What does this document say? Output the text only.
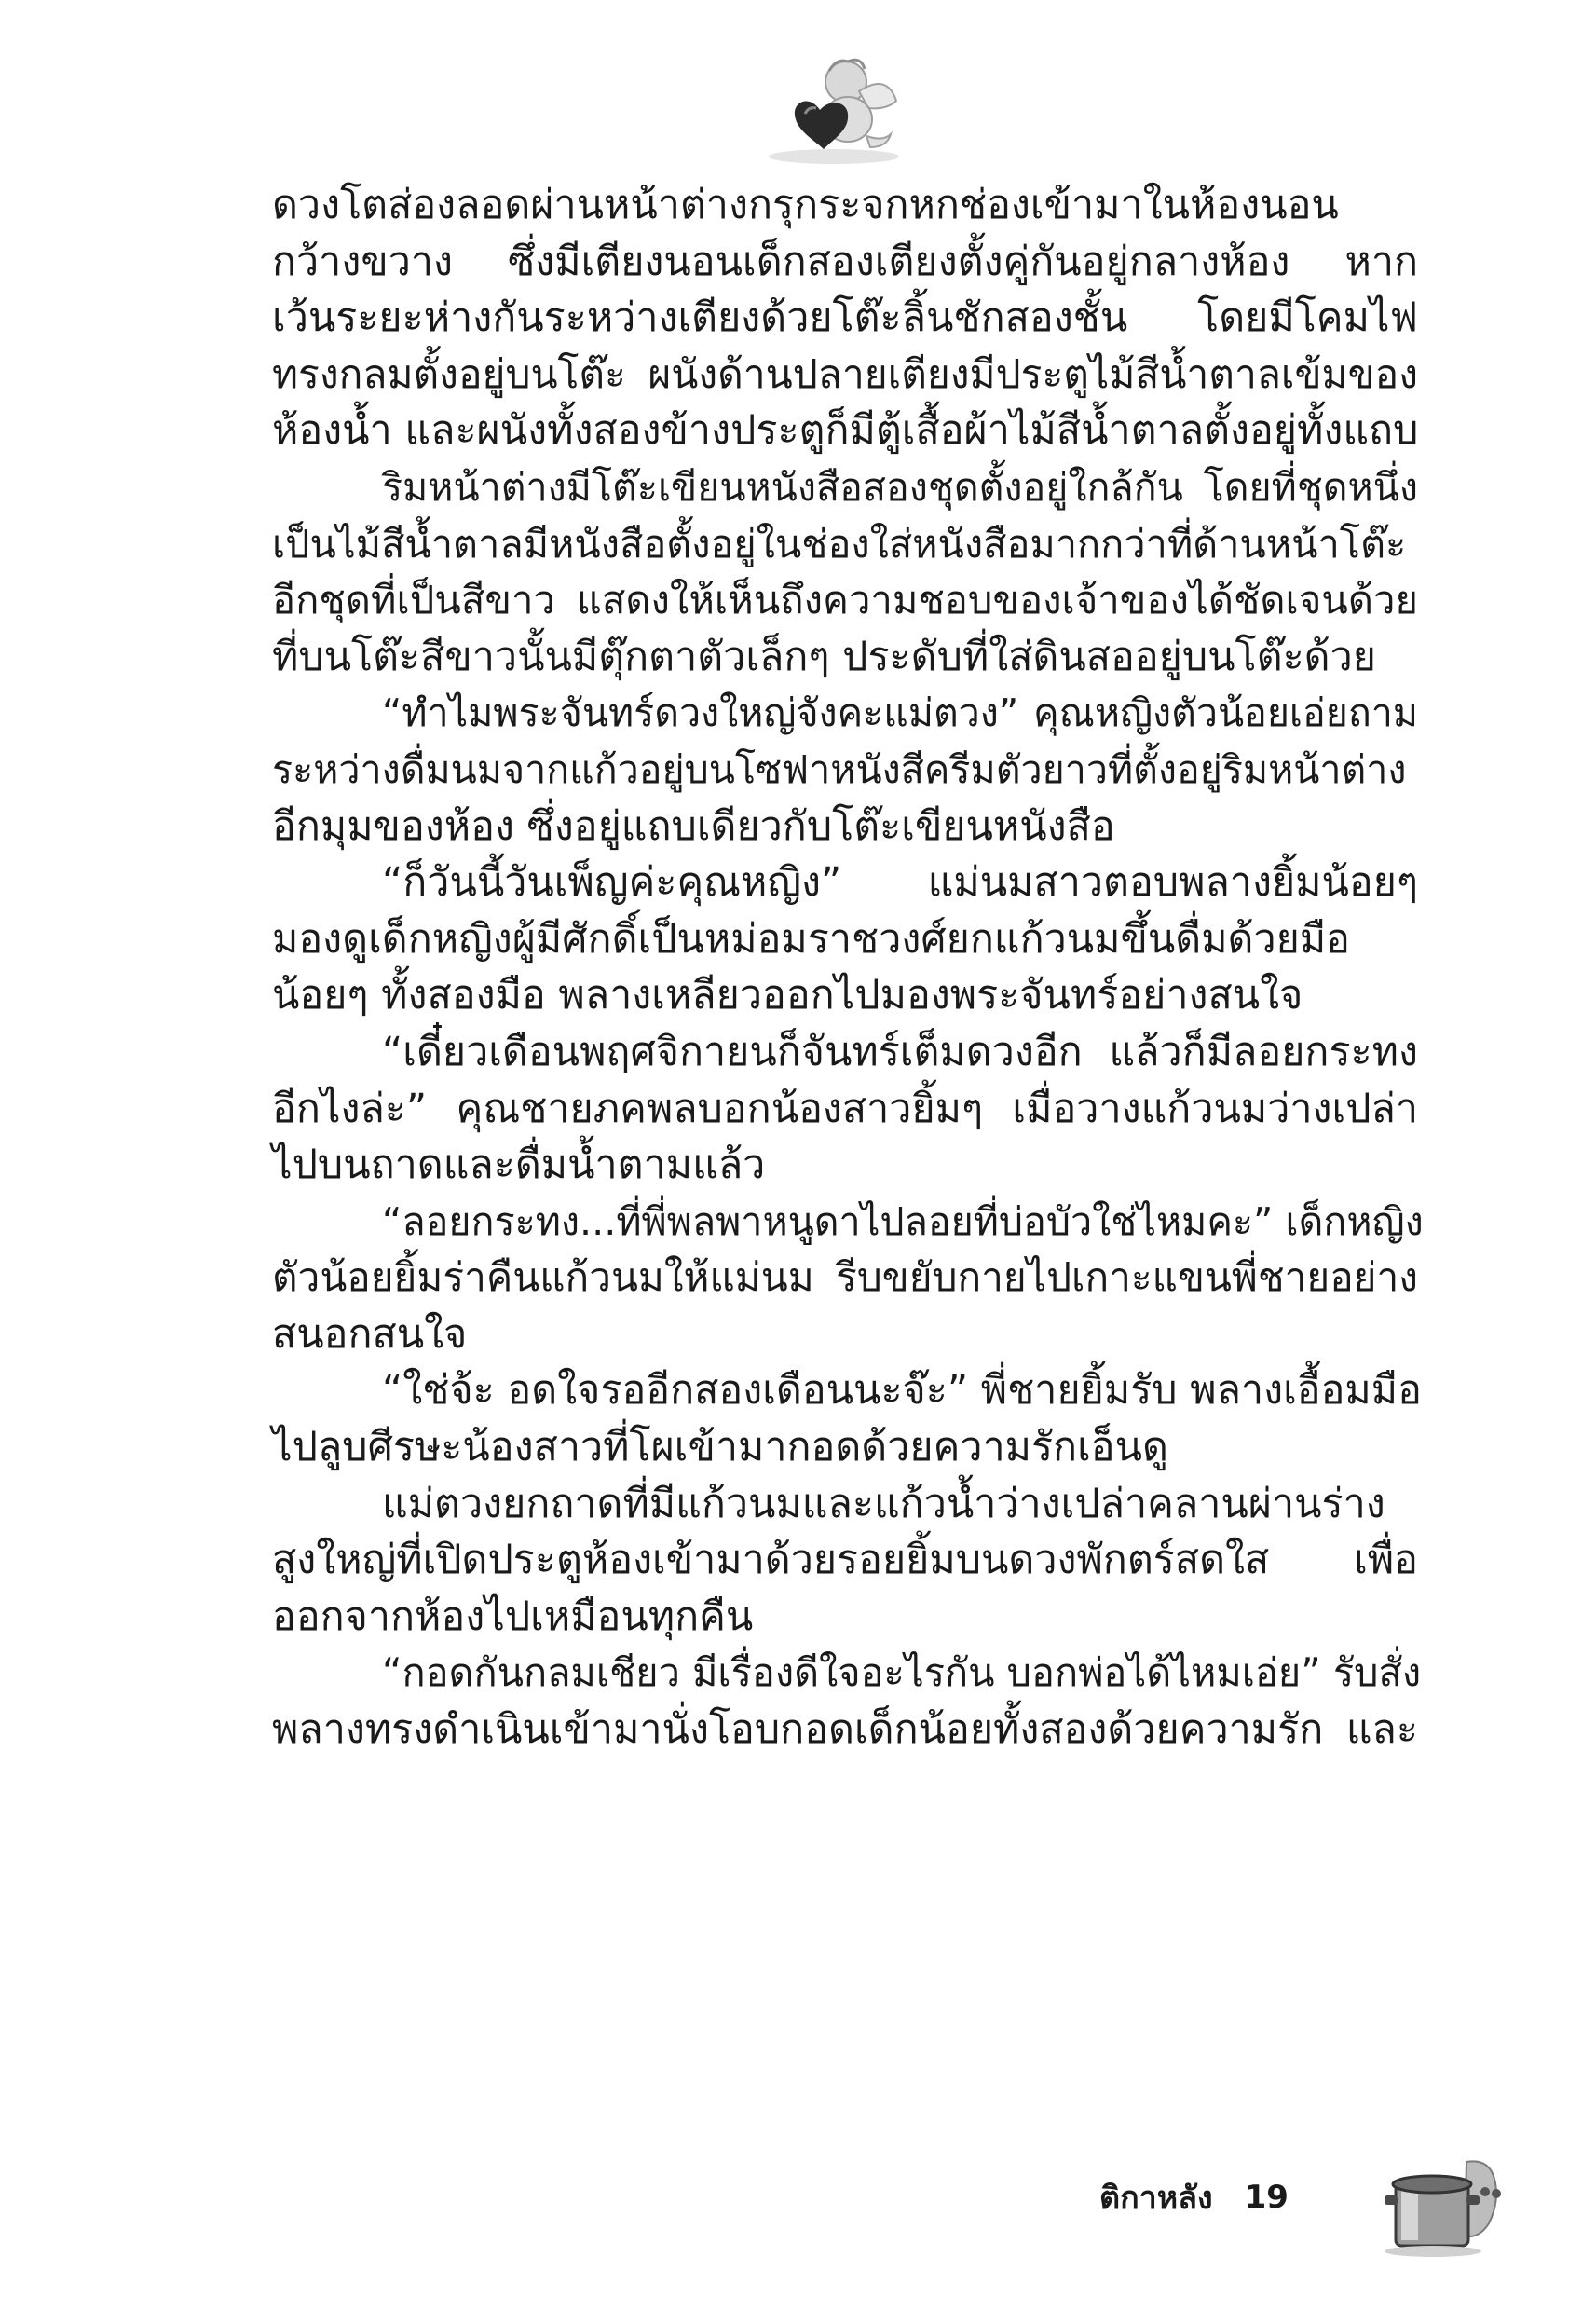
ดวงโตส่องลอดผ่านหน้าต่างกรุกระจกหกช่องเข้ามาในห้องนอน
กว้างขวาง ซึ่งมีเตียงนอนเด็กสองเตียงตั้งคู่กันอยู่กลางห้อง หาก
เว้นระยะห่างกันระหว่างเตียงด้วยโต๊ะลิ้นชักสองชั้น โดยมีโคมไฟ
ทรงกลมตั้งอยู่บนโต๊ะ ผนังด้านปลายเตียงมีประตูไม้สีน้ำตาลเข้มของ
ห้องน้ำ และผนังทั้งสองข้างประตูก็มีตู้เสื้อผ้าไม้สีน้ำตาลตั้งอยู่ทั้งแถบ
ริมหน้าต่างมีโต๊ะเขียนหนังสือสองชุดตั้งอยู่ใกล้กัน โดยที่ชุดหนึ่ง
เป็นไม้สีน้ำตาลมีหนังสือตั้งอยู่ในช่องใส่หนังสือมากกว่าที่ด้านหน้าโต๊ะ
อีกชุดที่เป็นสีขาว แสดงให้เห็นถึงความชอบของเจ้าของได้ชัดเจนด้วย
ที่บนโต๊ะสีขาวนั้นมีตุ๊กตาตัวเล็กๆ ประดับที่ใส่ดินสออยู่บนโต๊ะด้วย
“ทำไมพระจันทร์ดวงใหญ่จังคะแม่ตวง” คุณหญิงตัวน้อยเอ่ยถาม
ระหว่างดื่มนมจากแก้วอยู่บนโซฟาหนังสีครีมตัวยาวที่ตั้งอยู่ริมหน้าต่าง
อีกมุมของห้อง ซึ่งอยู่แถบเดียวกับโต๊ะเขียนหนังสือ
“ก็วันนี้วันเพ็ญค่ะคุณหญิง” แม่นมสาวตอบพลางยิ้มน้อยๆ
มองดูเด็กหญิงผู้มีศักดิ์เป็นหม่อมราชวงศ์ยกแก้วนมขึ้นดื่มด้วยมือ
น้อยๆ ทั้งสองมือ พลางเหลียวออกไปมองพระจันทร์อย่างสนใจ
“เดี๋ยวเดือนพฤศจิกายนก็จันทร์เต็มดวงอีก แล้วก็มีลอยกระทง
อีกไงล่ะ” คุณชายภคพลบอกน้องสาวยิ้มๆ เมื่อวางแก้วนมว่างเปล่า
ไปบนถาดและดื่มน้ำตามแล้ว
“ลอยกระทง...ที่พี่พลพาหนูดาไปลอยที่บ่อบัวใช่ไหมคะ” เด็กหญิง
ตัวน้อยยิ้มร่าคืนแก้วนมให้แม่นม รีบขยับกายไปเกาะแขนพี่ชายอย่าง
สนอกสนใจ
“ใช่จ้ะ อดใจรออีกสองเดือนนะจ๊ะ” พี่ชายยิ้มรับ พลางเอื้อมมือ
ไปลูบศีรษะน้องสาวที่โผเข้ามากอดด้วยความรักเอ็นดู
แม่ตวงยกถาดที่มีแก้วนมและแก้วน้ำว่างเปล่าคลานผ่านร่าง
สูงใหญ่ที่เปิดประตูห้องเข้ามาด้วยรอยยิ้มบนดวงพักตร์สดใส เพื่อ
ออกจากห้องไปเหมือนทุกคืน
“กอดกันกลมเชียว มีเรื่องดีใจอะไรกัน บอกพ่อได้ไหมเอ่ย” รับสั่ง
พลางทรงดำเนินเข้ามานั่งโอบกอดเด็กน้อยทั้งสองด้วยความรัก และ
ติกาหลัง 19
